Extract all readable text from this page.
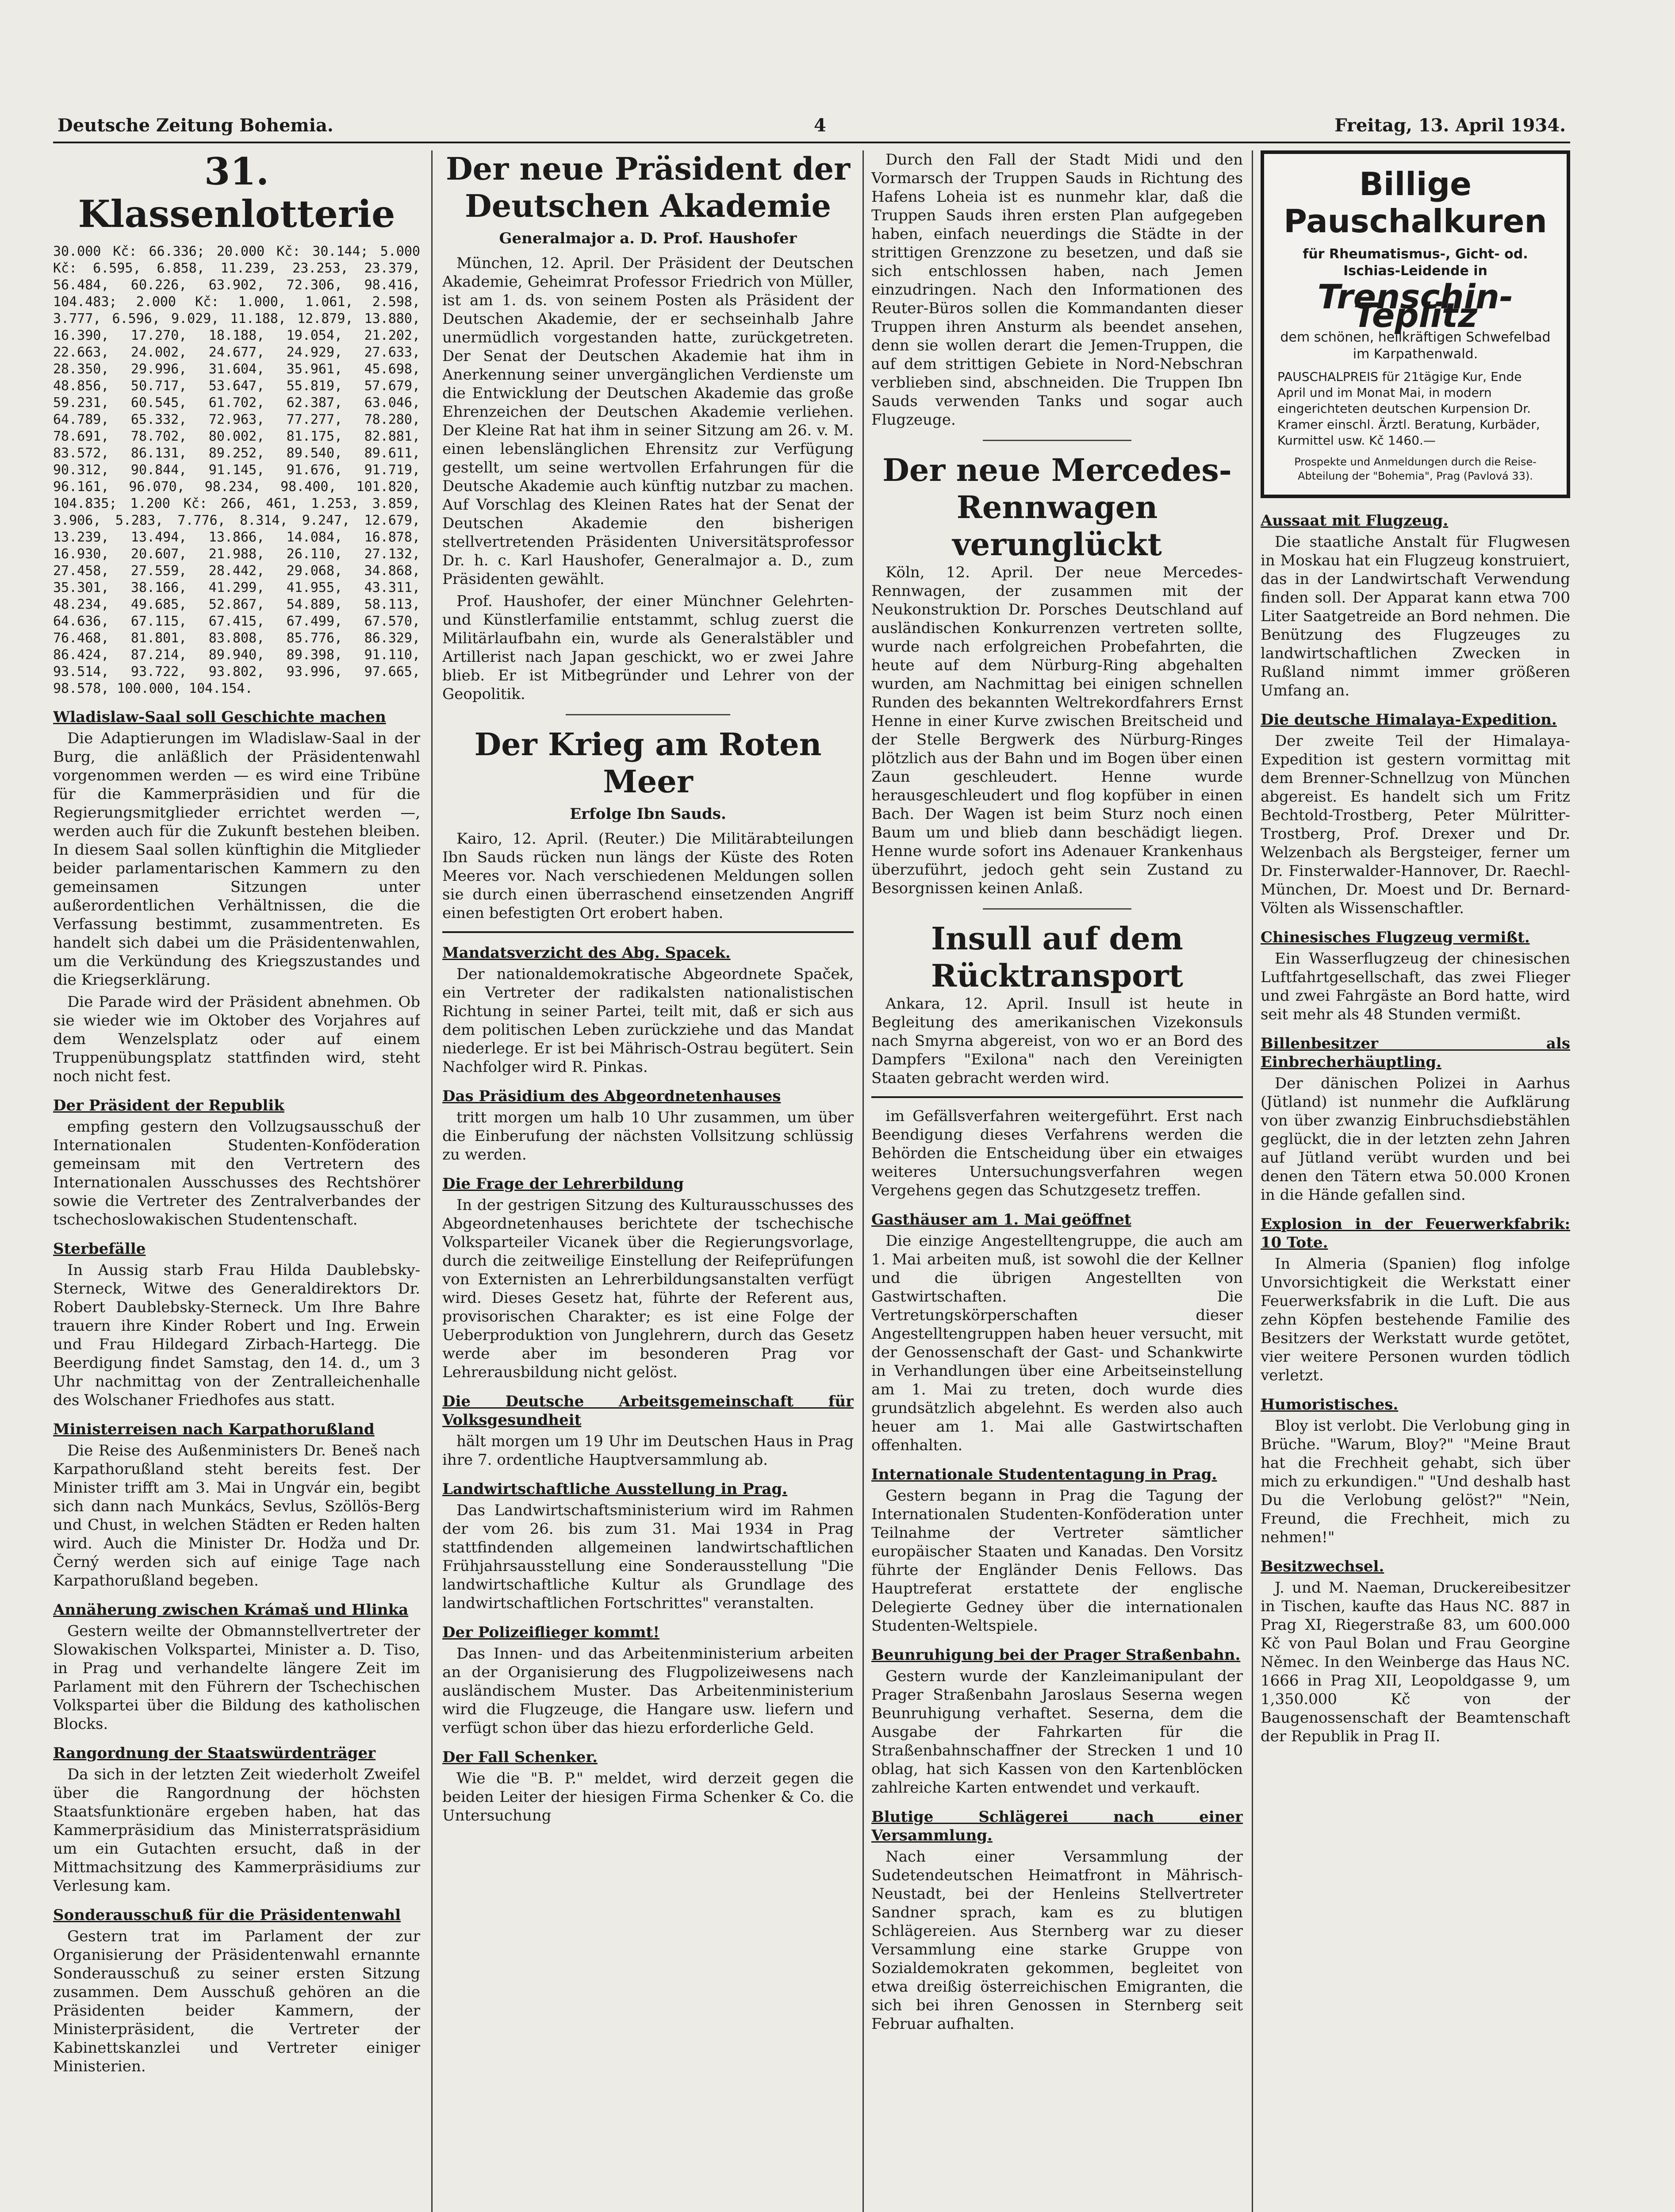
Deutsche Zeitung Bohemia.	4	Freitag, 13. April 1934.
31. Klassenlotterie
30.000 Kč: 66.336; 20.000 Kč: 30.144; 5.000 Kč: 6.595, 6.858, 11.239, 23.253, 23.379, 56.484, 60.226, 63.902, 72.306, 98.416, 104.483; 2.000 Kč: 1.000, 1.061, 2.598, 3.777, 6.596, 9.029, 11.188, 12.879, 13.880, 16.390, 17.270, 18.188, 19.054, 21.202, 22.663, 24.002, 24.677, 24.929, 27.633, 28.350, 29.996, 31.604, 35.961, 45.698, 48.856, 50.717, 53.647, 55.819, 57.679, 59.231, 60.545, 61.702, 62.387, 63.046, 64.789, 65.332, 72.963, 77.277, 78.280, 78.691, 78.702, 80.002, 81.175, 82.881, 83.572, 86.131, 89.252, 89.540, 89.611, 90.312, 90.844, 91.145, 91.676, 91.719, 96.161, 96.070, 98.234, 98.400, 101.820, 104.835; 1.200 Kč: 266, 461, 1.253, 3.859, 3.906, 5.283, 7.776, 8.314, 9.247, 12.679, 13.239, 13.494, 13.866, 14.084, 16.878, 16.930, 20.607, 21.988, 26.110, 27.132, 27.458, 27.559, 28.442, 29.068, 34.868, 35.301, 38.166, 41.299, 41.955, 43.311, 48.234, 49.685, 52.867, 54.889, 58.113, 64.636, 67.115, 67.415, 67.499, 67.570, 76.468, 81.801, 83.808, 85.776, 86.329, 86.424, 87.214, 89.940, 89.398, 91.110, 93.514, 93.722, 93.802, 93.996, 97.665, 98.578, 100.000, 104.154.
Wladislaw-Saal soll Geschichte machen

Die Adaptierungen im Wladislaw-Saal in der Burg, die anläßlich der Präsidentenwahl vorgenommen werden — es wird eine Tribüne für die Kammerpräsidien und für die Regierungsmitglieder errichtet werden —, werden auch für die Zukunft bestehen bleiben. In diesem Saal sollen künftighin die Mitglieder beider parlamentarischen Kammern zu den gemeinsamen Sitzungen unter außerordentlichen Verhältnissen, die die Verfassung bestimmt, zusammentreten. Es handelt sich dabei um die Präsidentenwahlen, um die Verkündung des Kriegszustandes und die Kriegserklärung.

Die Parade wird der Präsident abnehmen. Ob sie wieder wie im Oktober des Vorjahres auf dem Wenzelsplatz oder auf einem Truppenübungsplatz stattfinden wird, steht noch nicht fest.

Der Präsident der Republik

empfing gestern den Vollzugsausschuß der Internationalen Studenten-Konföderation gemeinsam mit den Vertretern des Internationalen Ausschusses des Rechtshörer sowie die Vertreter des Zentralverbandes der tschechoslowakischen Studentenschaft.

Sterbefälle

In Aussig starb Frau Hilda Daublebsky-Sterneck, Witwe des Generaldirektors Dr. Robert Daublebsky-Sterneck. Um Ihre Bahre trauern ihre Kinder Robert und Ing. Erwein und Frau Hildegard Zirbach-Hartegg. Die Beerdigung findet Samstag, den 14. d., um 3 Uhr nachmittag von der Zentralleichenhalle des Wolschaner Friedhofes aus statt.

Ministerreisen nach Karpathorußland

Die Reise des Außenministers Dr. Beneš nach Karpathorußland steht bereits fest. Der Minister trifft am 3. Mai in Ungvár ein, begibt sich dann nach Munkács, Sevlus, Szöllös-Berg und Chust, in welchen Städten er Reden halten wird. Auch die Minister Dr. Hodža und Dr. Černý werden sich auf einige Tage nach Karpathorußland begeben.

Annäherung zwischen Krámaš und Hlinka

Gestern weilte der Obmannstellvertreter der Slowakischen Volkspartei, Minister a. D. Tiso, in Prag und verhandelte längere Zeit im Parlament mit den Führern der Tschechischen Volkspartei über die Bildung des katholischen Blocks.

Rangordnung der Staatswürdenträger

Da sich in der letzten Zeit wiederholt Zweifel über die Rangordnung der höchsten Staatsfunktionäre ergeben haben, hat das Kammerpräsidium das Ministerratspräsidium um ein Gutachten ersucht, daß in der Mittmachsitzung des Kammerpräsidiums zur Verlesung kam.

Sonderausschuß für die Präsidentenwahl

Gestern trat im Parlament der zur Organisierung der Präsidentenwahl ernannte Sonderausschuß zu seiner ersten Sitzung zusammen. Dem Ausschuß gehören an die Präsidenten beider Kammern, der Ministerpräsident, die Vertreter der Kabinettskanzlei und Vertreter einiger Ministerien.

Der neue Präsident der Deutschen Akademie
Generalmajor a. D. Prof. Haushofer

München, 12. April. Der Präsident der Deutschen Akademie, Geheimrat Professor Friedrich von Müller, ist am 1. ds. von seinem Posten als Präsident der Deutschen Akademie, der er sechseinhalb Jahre unermüdlich vorgestanden hatte, zurückgetreten. Der Senat der Deutschen Akademie hat ihm in Anerkennung seiner unvergänglichen Verdienste um die Entwicklung der Deutschen Akademie das große Ehrenzeichen der Deutschen Akademie verliehen. Der Kleine Rat hat ihm in seiner Sitzung am 26. v. M. einen lebenslänglichen Ehrensitz zur Verfügung gestellt, um seine wertvollen Erfahrungen für die Deutsche Akademie auch künftig nutzbar zu machen. Auf Vorschlag des Kleinen Rates hat der Senat der Deutschen Akademie den bisherigen stellvertretenden Präsidenten Universitätsprofessor Dr. h. c. Karl Haushofer, Generalmajor a. D., zum Präsidenten gewählt.

Prof. Haushofer, der einer Münchner Gelehrten- und Künstlerfamilie entstammt, schlug zuerst die Militärlaufbahn ein, wurde als Generalstäbler und Artillerist nach Japan geschickt, wo er zwei Jahre blieb. Er ist Mitbegründer und Lehrer von der Geopolitik.

Der Krieg am Roten Meer
Erfolge Ibn Sauds.

Kairo, 12. April. (Reuter.) Die Militärabteilungen Ibn Sauds rücken nun längs der Küste des Roten Meeres vor. Nach verschiedenen Meldungen sollen sie durch einen überraschend einsetzenden Angriff einen befestigten Ort erobert haben.

Mandatsverzicht des Abg. Spacek.

Der nationaldemokratische Abgeordnete Spaček, ein Vertreter der radikalsten nationalistischen Richtung in seiner Partei, teilt mit, daß er sich aus dem politischen Leben zurückziehe und das Mandat niederlege. Er ist bei Mährisch-Ostrau begütert. Sein Nachfolger wird R. Pinkas.

Das Präsidium des Abgeordnetenhauses

tritt morgen um halb 10 Uhr zusammen, um über die Einberufung der nächsten Vollsitzung schlüssig zu werden.

Die Frage der Lehrerbildung

In der gestrigen Sitzung des Kulturausschusses des Abgeordnetenhauses berichtete der tschechische Volksparteiler Vicanek über die Regierungsvorlage, durch die zeitweilige Einstellung der Reifeprüfungen von Externisten an Lehrerbildungsanstalten verfügt wird. Dieses Gesetz hat, führte der Referent aus, provisorischen Charakter; es ist eine Folge der Ueberproduktion von Junglehrern, durch das Gesetz werde aber im besonderen Prag vor Lehrerausbildung nicht gelöst.

Die Deutsche Arbeitsgemeinschaft für Volksgesundheit

hält morgen um 19 Uhr im Deutschen Haus in Prag ihre 7. ordentliche Hauptversammlung ab.

Landwirtschaftliche Ausstellung in Prag.

Das Landwirtschaftsministerium wird im Rahmen der vom 26. bis zum 31. Mai 1934 in Prag stattfindenden allgemeinen landwirtschaftlichen Frühjahrsausstellung eine Sonderausstellung "Die landwirtschaftliche Kultur als Grundlage des landwirtschaftlichen Fortschrittes" veranstalten.

Der Polizeiflieger kommt!

Das Innen- und das Arbeitenministerium arbeiten an der Organisierung des Flugpolizeiwesens nach ausländischem Muster. Das Arbeitenministerium wird die Flugzeuge, die Hangare usw. liefern und verfügt schon über das hiezu erforderliche Geld.

Der Fall Schenker.

Wie die "B. P." meldet, wird derzeit gegen die beiden Leiter der hiesigen Firma Schenker & Co. die Untersuchung

Durch den Fall der Stadt Midi und den Vormarsch der Truppen Sauds in Richtung des Hafens Loheia ist es nunmehr klar, daß die Truppen Sauds ihren ersten Plan aufgegeben haben, einfach neuerdings die Städte in der strittigen Grenzzone zu besetzen, und daß sie sich entschlossen haben, nach Jemen einzudringen. Nach den Informationen des Reuter-Büros sollen die Kommandanten dieser Truppen ihren Ansturm als beendet ansehen, denn sie wollen derart die Jemen-Truppen, die auf dem strittigen Gebiete in Nord-Nebschran verblieben sind, abschneiden. Die Truppen Ibn Sauds verwenden Tanks und sogar auch Flugzeuge.

Der neue Mercedes-Rennwagen verunglückt

Köln, 12. April. Der neue Mercedes-Rennwagen, der zusammen mit der Neukonstruktion Dr. Porsches Deutschland auf ausländischen Konkurrenzen vertreten sollte, wurde nach erfolgreichen Probefahrten, die heute auf dem Nürburg-Ring abgehalten wurden, am Nachmittag bei einigen schnellen Runden des bekannten Weltrekordfahrers Ernst Henne in einer Kurve zwischen Breitscheid und der Stelle Bergwerk des Nürburg-Ringes plötzlich aus der Bahn und im Bogen über einen Zaun geschleudert. Henne wurde herausgeschleudert und flog kopfüber in einen Bach. Der Wagen ist beim Sturz noch einen Baum um und blieb dann beschädigt liegen. Henne wurde sofort ins Adenauer Krankenhaus überzuführt, jedoch geht sein Zustand zu Besorgnissen keinen Anlaß.

Insull auf dem Rücktransport

Ankara, 12. April. Insull ist heute in Begleitung des amerikanischen Vizekonsuls nach Smyrna abgereist, von wo er an Bord des Dampfers "Exilona" nach den Vereinigten Staaten gebracht werden wird.

im Gefällsverfahren weitergeführt. Erst nach Beendigung dieses Verfahrens werden die Behörden die Entscheidung über ein etwaiges weiteres Untersuchungsverfahren wegen Vergehens gegen das Schutzgesetz treffen.

Gasthäuser am 1. Mai geöffnet

Die einzige Angestelltengruppe, die auch am 1. Mai arbeiten muß, ist sowohl die der Kellner und die übrigen Angestellten von Gastwirtschaften. Die Vertretungskörperschaften dieser Angestelltengruppen haben heuer versucht, mit der Genossenschaft der Gast- und Schankwirte in Verhandlungen über eine Arbeitseinstellung am 1. Mai zu treten, doch wurde dies grundsätzlich abgelehnt. Es werden also auch heuer am 1. Mai alle Gastwirtschaften offenhalten.

Internationale Studententagung in Prag.

Gestern begann in Prag die Tagung der Internationalen Studenten-Konföderation unter Teilnahme der Vertreter sämtlicher europäischer Staaten und Kanadas. Den Vorsitz führte der Engländer Denis Fellows. Das Hauptreferat erstattete der englische Delegierte Gedney über die internationalen Studenten-Weltspiele.

Beunruhigung bei der Prager Straßenbahn.

Gestern wurde der Kanzleimanipulant der Prager Straßenbahn Jaroslaus Seserna wegen Beunruhigung verhaftet. Seserna, dem die Ausgabe der Fahrkarten für die Straßenbahnschaffner der Strecken 1 und 10 oblag, hat sich Kassen von den Kartenblöcken zahlreiche Karten entwendet und verkauft.

Blutige Schlägerei nach einer Versammlung.

Nach einer Versammlung der Sudetendeutschen Heimatfront in Mährisch-Neustadt, bei der Henleins Stellvertreter Sandner sprach, kam es zu blutigen Schlägereien. Aus Sternberg war zu dieser Versammlung eine starke Gruppe von Sozialdemokraten gekommen, begleitet von etwa dreißig österreichischen Emigranten, die sich bei ihren Genossen in Sternberg seit Februar aufhalten.

Billige Pauschalkuren
für Rheumatismus-, Gicht- od. Ischias-Leidende in
Trenschin-Teplitz
dem schönen, heilkräftigen Schwefelbad im Karpathenwald.
PAUSCHALPREIS für 21tägige Kur, Ende April und im Monat Mai, in modern eingerichteten deutschen Kurpension Dr. Kramer einschl. Ärztl. Beratung, Kurbäder, Kurmittel usw. Kč 1460.—
Prospekte und Anmeldungen durch die Reise-Abteilung der "Bohemia", Prag (Pavlová 33).
Aussaat mit Flugzeug.

Die staatliche Anstalt für Flugwesen in Moskau hat ein Flugzeug konstruiert, das in der Landwirtschaft Verwendung finden soll. Der Apparat kann etwa 700 Liter Saatgetreide an Bord nehmen. Die Benützung des Flugzeuges zu landwirtschaftlichen Zwecken in Rußland nimmt immer größeren Umfang an.

Die deutsche Himalaya-Expedition.

Der zweite Teil der Himalaya-Expedition ist gestern vormittag mit dem Brenner-Schnellzug von München abgereist. Es handelt sich um Fritz Bechtold-Trostberg, Peter Mülritter-Trostberg, Prof. Drexer und Dr. Welzenbach als Bergsteiger, ferner um Dr. Finsterwalder-Hannover, Dr. Raechl-München, Dr. Moest und Dr. Bernard-Völten als Wissenschaftler.

Chinesisches Flugzeug vermißt.

Ein Wasserflugzeug der chinesischen Luftfahrtgesellschaft, das zwei Flieger und zwei Fahrgäste an Bord hatte, wird seit mehr als 48 Stunden vermißt.

Billenbesitzer als Einbrecherhäuptling.

Der dänischen Polizei in Aarhus (Jütland) ist nunmehr die Aufklärung von über zwanzig Einbruchsdiebstählen geglückt, die in der letzten zehn Jahren auf Jütland verübt wurden und bei denen den Tätern etwa 50.000 Kronen in die Hände gefallen sind.

Explosion in der Feuerwerkfabrik: 10 Tote.

In Almeria (Spanien) flog infolge Unvorsichtigkeit die Werkstatt einer Feuerwerksfabrik in die Luft. Die aus zehn Köpfen bestehende Familie des Besitzers der Werkstatt wurde getötet, vier weitere Personen wurden tödlich verletzt.

Humoristisches.

Bloy ist verlobt. Die Verlobung ging in Brüche. "Warum, Bloy?" "Meine Braut hat die Frechheit gehabt, sich über mich zu erkundigen." "Und deshalb hast Du die Verlobung gelöst?" "Nein, Freund, die Frechheit, mich zu nehmen!"

Besitzwechsel.

J. und M. Naeman, Druckereibesitzer in Tischen, kaufte das Haus NC. 887 in Prag XI, Riegerstraße 83, um 600.000 Kč von Paul Bolan und Frau Georgine Němec. In den Weinberge das Haus NC. 1666 in Prag XII, Leopoldgasse 9, um 1,350.000 Kč von der Baugenossenschaft der Beamtenschaft der Republik in Prag II.
